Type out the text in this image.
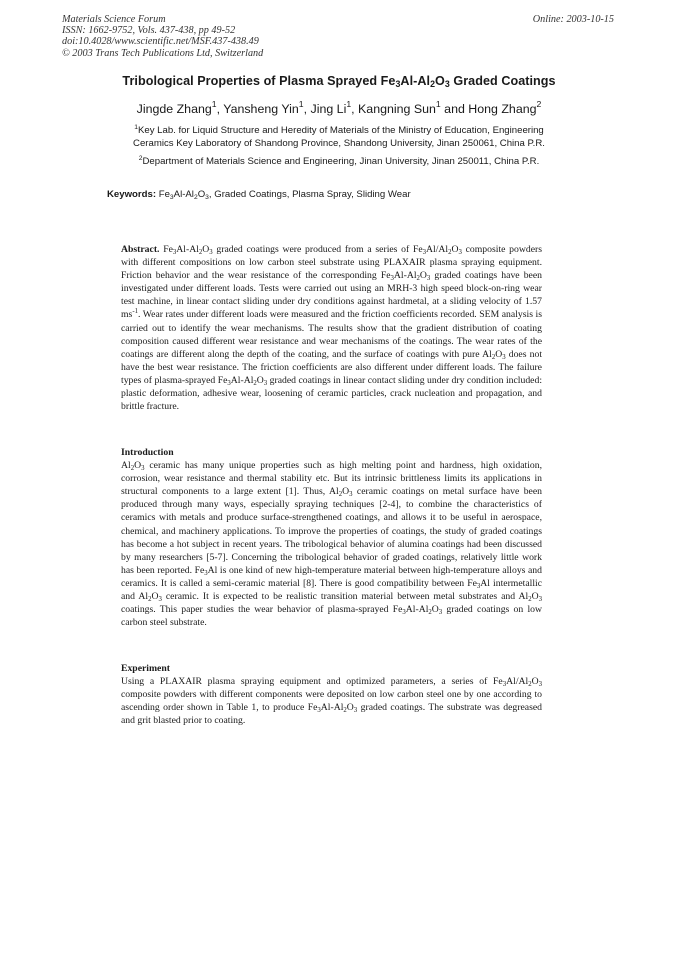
Materials Science Forum
ISSN: 1662-9752, Vols. 437-438, pp 49-52
doi:10.4028/www.scientific.net/MSF.437-438.49
© 2003 Trans Tech Publications Ltd, Switzerland
Online: 2003-10-15
Tribological Properties of Plasma Sprayed $Fe_3Al-Al_2O_3$ Graded Coatings
Jingde Zhang$^1$, Yansheng Yin$^1$, Jing Li$^1$, Kangning Sun$^1$ and Hong Zhang$^2$
$^1$Key Lab. for Liquid Structure and Heredity of Materials of the Ministry of Education, Engineering
Ceramics Key Laboratory of Shandong Province, Shandong University, Jinan 250061, China P.R.
$^2$Department of Materials Science and Engineering, Jinan University, Jinan 250011, China P.R.
Keywords: $Fe_3Al-Al_2O_3$, Graded Coatings, Plasma Spray, Sliding Wear
Abstract. $Fe_3Al-Al_2O_3$ graded coatings were produced from a series of $Fe_3Al/Al_2O_3$ composite powders with different compositions on low carbon steel substrate using PLAXAIR plasma spraying equipment. Friction behavior and the wear resistance of the corresponding $Fe_3Al-Al_2O_3$ graded coatings have been investigated under different loads. Tests were carried out using an MRH-3 high speed block-on-ring wear test machine, in linear contact sliding under dry conditions against hardmetal, at a sliding velocity of 1.57 $ms^{-1}$. Wear rates under different loads were measured and the friction coefficients recorded. SEM analysis is carried out to identify the wear mechanisms. The results show that the gradient distribution of coating composition caused different wear resistance and wear mechanisms of the coatings. The wear rates of the coatings are different along the depth of the coating, and the surface of coatings with pure $Al_2O_3$ does not have the best wear resistance. The friction coefficients are also different under different loads. The failure types of plasma-sprayed $Fe_3Al-Al_2O_3$ graded coatings in linear contact sliding under dry condition included: plastic deformation, adhesive wear, loosening of ceramic particles, crack nucleation and propagation, and brittle fracture.
Introduction
$Al_2O_3$ ceramic has many unique properties such as high melting point and hardness, high oxidation, corrosion, wear resistance and thermal stability etc. But its intrinsic brittleness limits its applications in structural components to a large extent [1]. Thus, $Al_2O_3$ ceramic coatings on metal surface have been produced through many ways, especially spraying techniques [2-4], to combine the characteristics of ceramics with metals and produce surface-strengthened coatings, and allows it to be useful in aerospace, chemical, and machinery applications. To improve the properties of coatings, the study of graded coatings has become a hot subject in recent years. The tribological behavior of alumina coatings had been discussed by many researchers [5-7]. Concerning the tribological behavior of graded coatings, relatively little work has been reported. $Fe_3Al$ is one kind of new high-temperature material between high-temperature alloys and ceramics. It is called a semi-ceramic material [8]. There is good compatibility between $Fe_3Al$ intermetallic and $Al_2O_3$ ceramic. It is expected to be realistic transition material between metal substrates and $Al_2O_3$ coatings. This paper studies the wear behavior of plasma-sprayed $Fe_3Al-Al_2O_3$ graded coatings on low carbon steel substrate.
Experiment
Using a PLAXAIR plasma spraying equipment and optimized parameters, a series of $Fe_3Al/Al_2O_3$ composite powders with different components were deposited on low carbon steel one by one according to ascending order shown in Table 1, to produce $Fe_3Al-Al_2O_3$ graded coatings. The substrate was degreased and grit blasted prior to coating.
